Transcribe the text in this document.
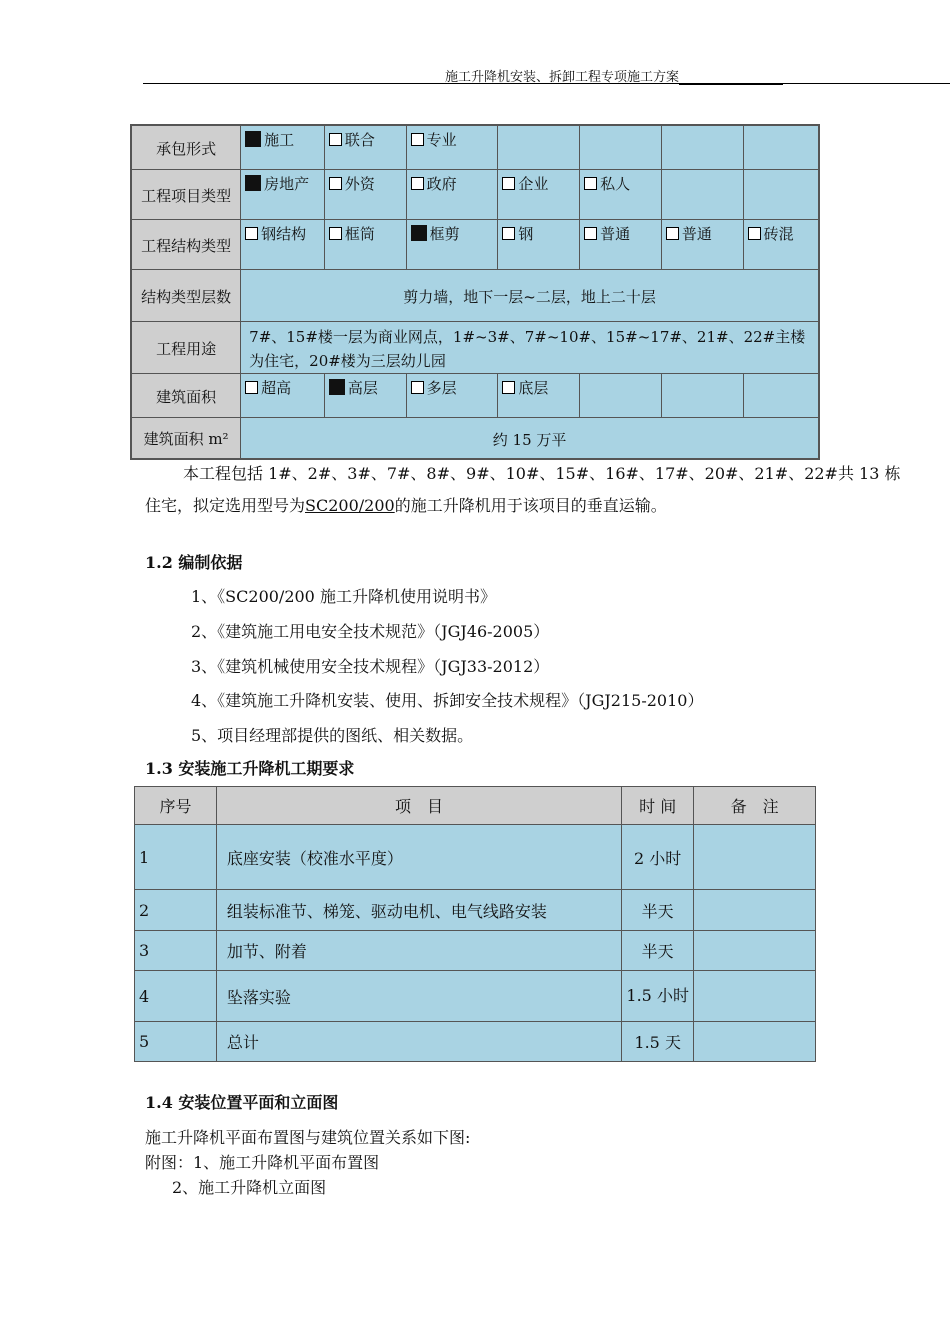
施工升降机安装、拆卸工程专项施工方案
承包形式	施工	联合	专业				
工程项目类型	房地产	外资	政府	企业	私人		
工程结构类型	钢结构	框筒	框剪	钢	普通	普通	砖混
结构类型层数	剪力墙，地下一层~二层，地上二十层						
工程用途	7#、15#楼一层为商业网点，1#~3#、7#~10#、15#~17#、21#、22#主楼为住宅，20#楼为三层幼儿园						
建筑面积	超高	高层	多层	底层			
建筑面积 m²	约 15 万平						
本工程包括 1#、2#、3#、7#、8#、9#、10#、15#、16#、17#、20#、21#、22#共 13 栋
住宅，拟定选用型号为SC200/200的施工升降机用于该项目的垂直运输。
1.2 编制依据
1、《SC200/200 施工升降机使用说明书》
2、《建筑施工用电安全技术规范》（JGJ46-2005）
3、《建筑机械使用安全技术规程》（JGJ33-2012）
4、《建筑施工升降机安装、使用、拆卸安全技术规程》（JGJ215-2010）
5、项目经理部提供的图纸、相关数据。
1.3 安装施工升降机工期要求
序号	项　目	时 间	备　注
1	底座安装（校准水平度）	2 小时	
2	组装标准节、梯笼、驱动电机、电气线路安装	半天	
3	加节、附着	半天	
4	坠落实验	1.5 小时	
5	总计	1.5 天	
1.4 安装位置平面和立面图
施工升降机平面布置图与建筑位置关系如下图:
附图：1、施工升降机平面布置图
2、施工升降机立面图
